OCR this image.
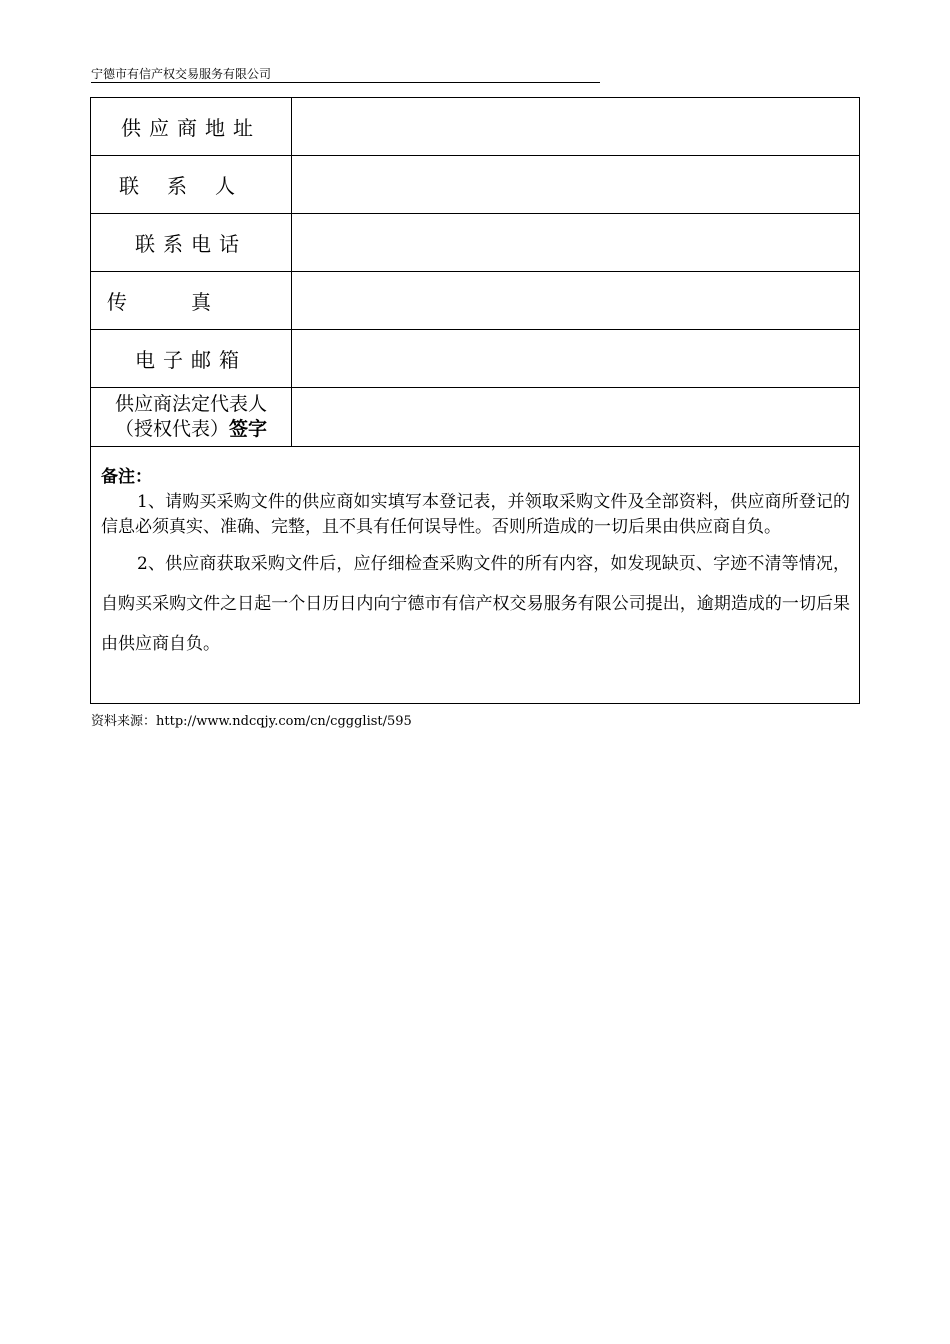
宁德市有信产权交易服务有限公司
供应商地址	
联系人	
联系电话	
传真	
电子邮箱	

供应商法定代表人
（授权代表）签字	

备注：

1、请购买采购文件的供应商如实填写本登记表，并领取采购文件及全部资料，供应商所登记的信息必须真实、准确、完整，且不具有任何误导性。否则所造成的一切后果由供应商自负。

2、供应商获取采购文件后，应仔细检查采购文件的所有内容，如发现缺页、字迹不清等情况，自购买采购文件之日起一个日历日内向宁德市有信产权交易服务有限公司提出，逾期造成的一切后果由供应商自负。	

资料来源：http://www.ndcqjy.com/cn/cggglist/595
